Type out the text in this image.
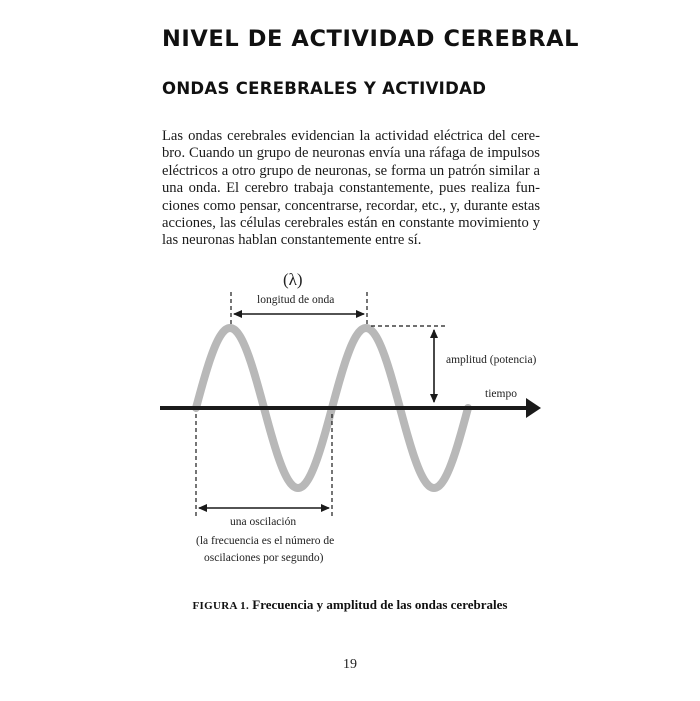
NIVEL DE ACTIVIDAD CEREBRAL
ONDAS CEREBRALES Y ACTIVIDAD
Las ondas cerebrales evidencian la actividad eléctrica del cere-
bro. Cuando un grupo de neuronas envía una ráfaga de impulsos
eléctricos a otro grupo de neuronas, se forma un patrón similar a
una onda. El cerebro trabaja constantemente, pues realiza fun-
ciones como pensar, concentrarse, recordar, etc., y, durante estas
acciones, las células cerebrales están en constante movimiento y
las neuronas hablan constantemente entre sí.
(λ)
longitud de onda
amplitud (potencia)
tiempo
una oscilación
(la frecuencia es el número de
oscilaciones por segundo)
FIGURA 1. Frecuencia y amplitud de las ondas cerebrales
19
